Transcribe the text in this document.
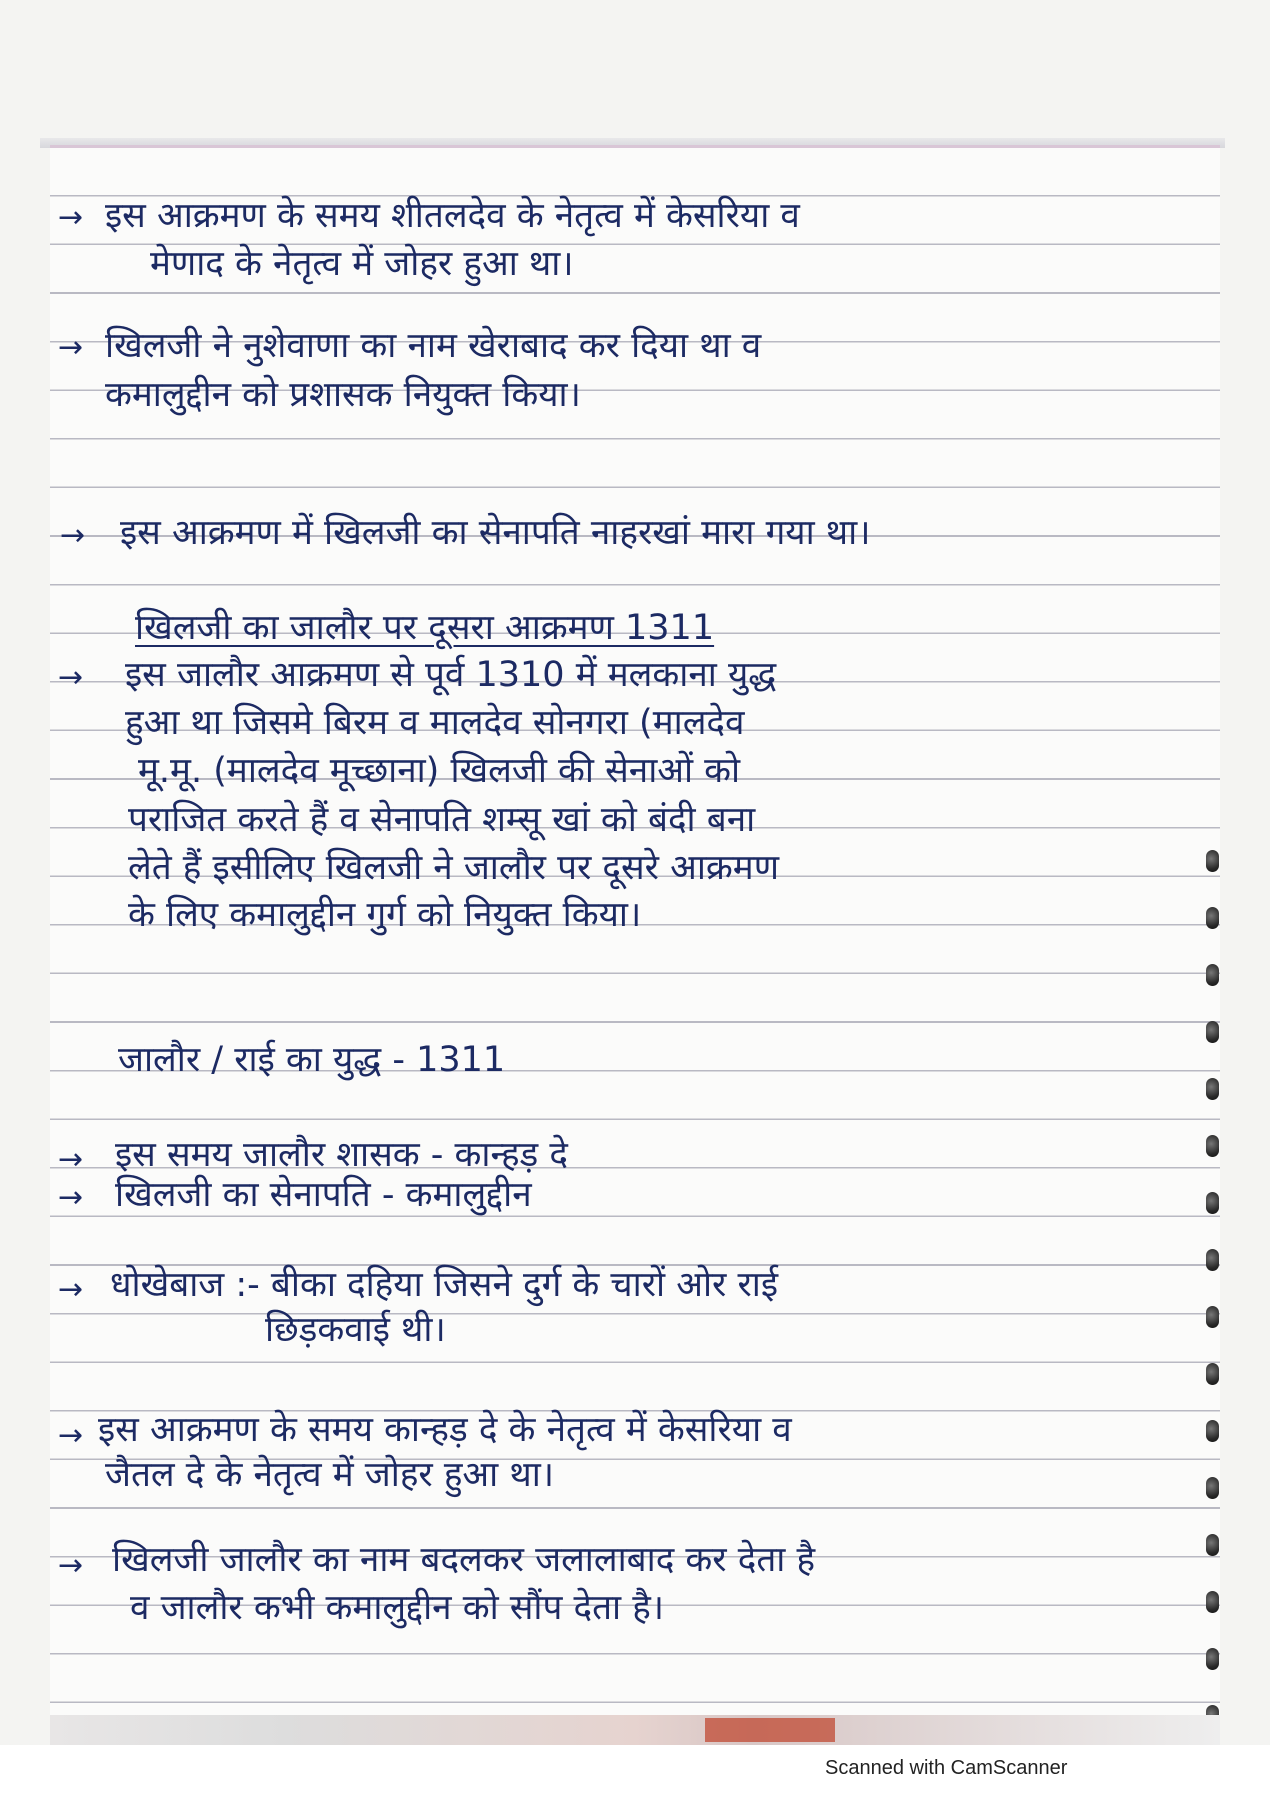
→ इस आक्रमण के समय शीतलदेव के नेतृत्व में केसरिया व
मेणाद के नेतृत्व में जोहर हुआ था।
→ खिलजी ने नुशेवाणा का नाम खेराबाद कर दिया था व
कमालुद्दीन को प्रशासक नियुक्त किया।
→ इस आक्रमण में खिलजी का सेनापति नाहरखां मारा गया था।
खिलजी का जालौर पर दूसरा आक्रमण 1311
→ इस जालौर आक्रमण से पूर्व 1310 में मलकाना युद्ध
हुआ था जिसमे बिरम व मालदेव सोनगरा (मालदेव
मू.मू. (मालदेव मूच्छाना) खिलजी की सेनाओं को
पराजित करते हैं व सेनापति शम्सू खां को बंदी बना
लेते हैं इसीलिए खिलजी ने जालौर पर दूसरे आक्रमण
के लिए कमालुद्दीन गुर्ग को नियुक्त किया।
जालौर / राई का युद्ध - 1311
→ इस समय जालौर शासक - कान्हड़ दे
→ खिलजी का सेनापति - कमालुद्दीन
→ धोखेबाज :- बीका दहिया जिसने दुर्ग के चारों ओर राई
छिड़कवाई थी।
→ इस आक्रमण के समय कान्हड़ दे के नेतृत्व में केसरिया व
जैतल दे के नेतृत्व में जोहर हुआ था।
→ खिलजी जालौर का नाम बदलकर जलालाबाद कर देता है
व जालौर कभी कमालुद्दीन को सौंप देता है।
Scanned with CamScanner
